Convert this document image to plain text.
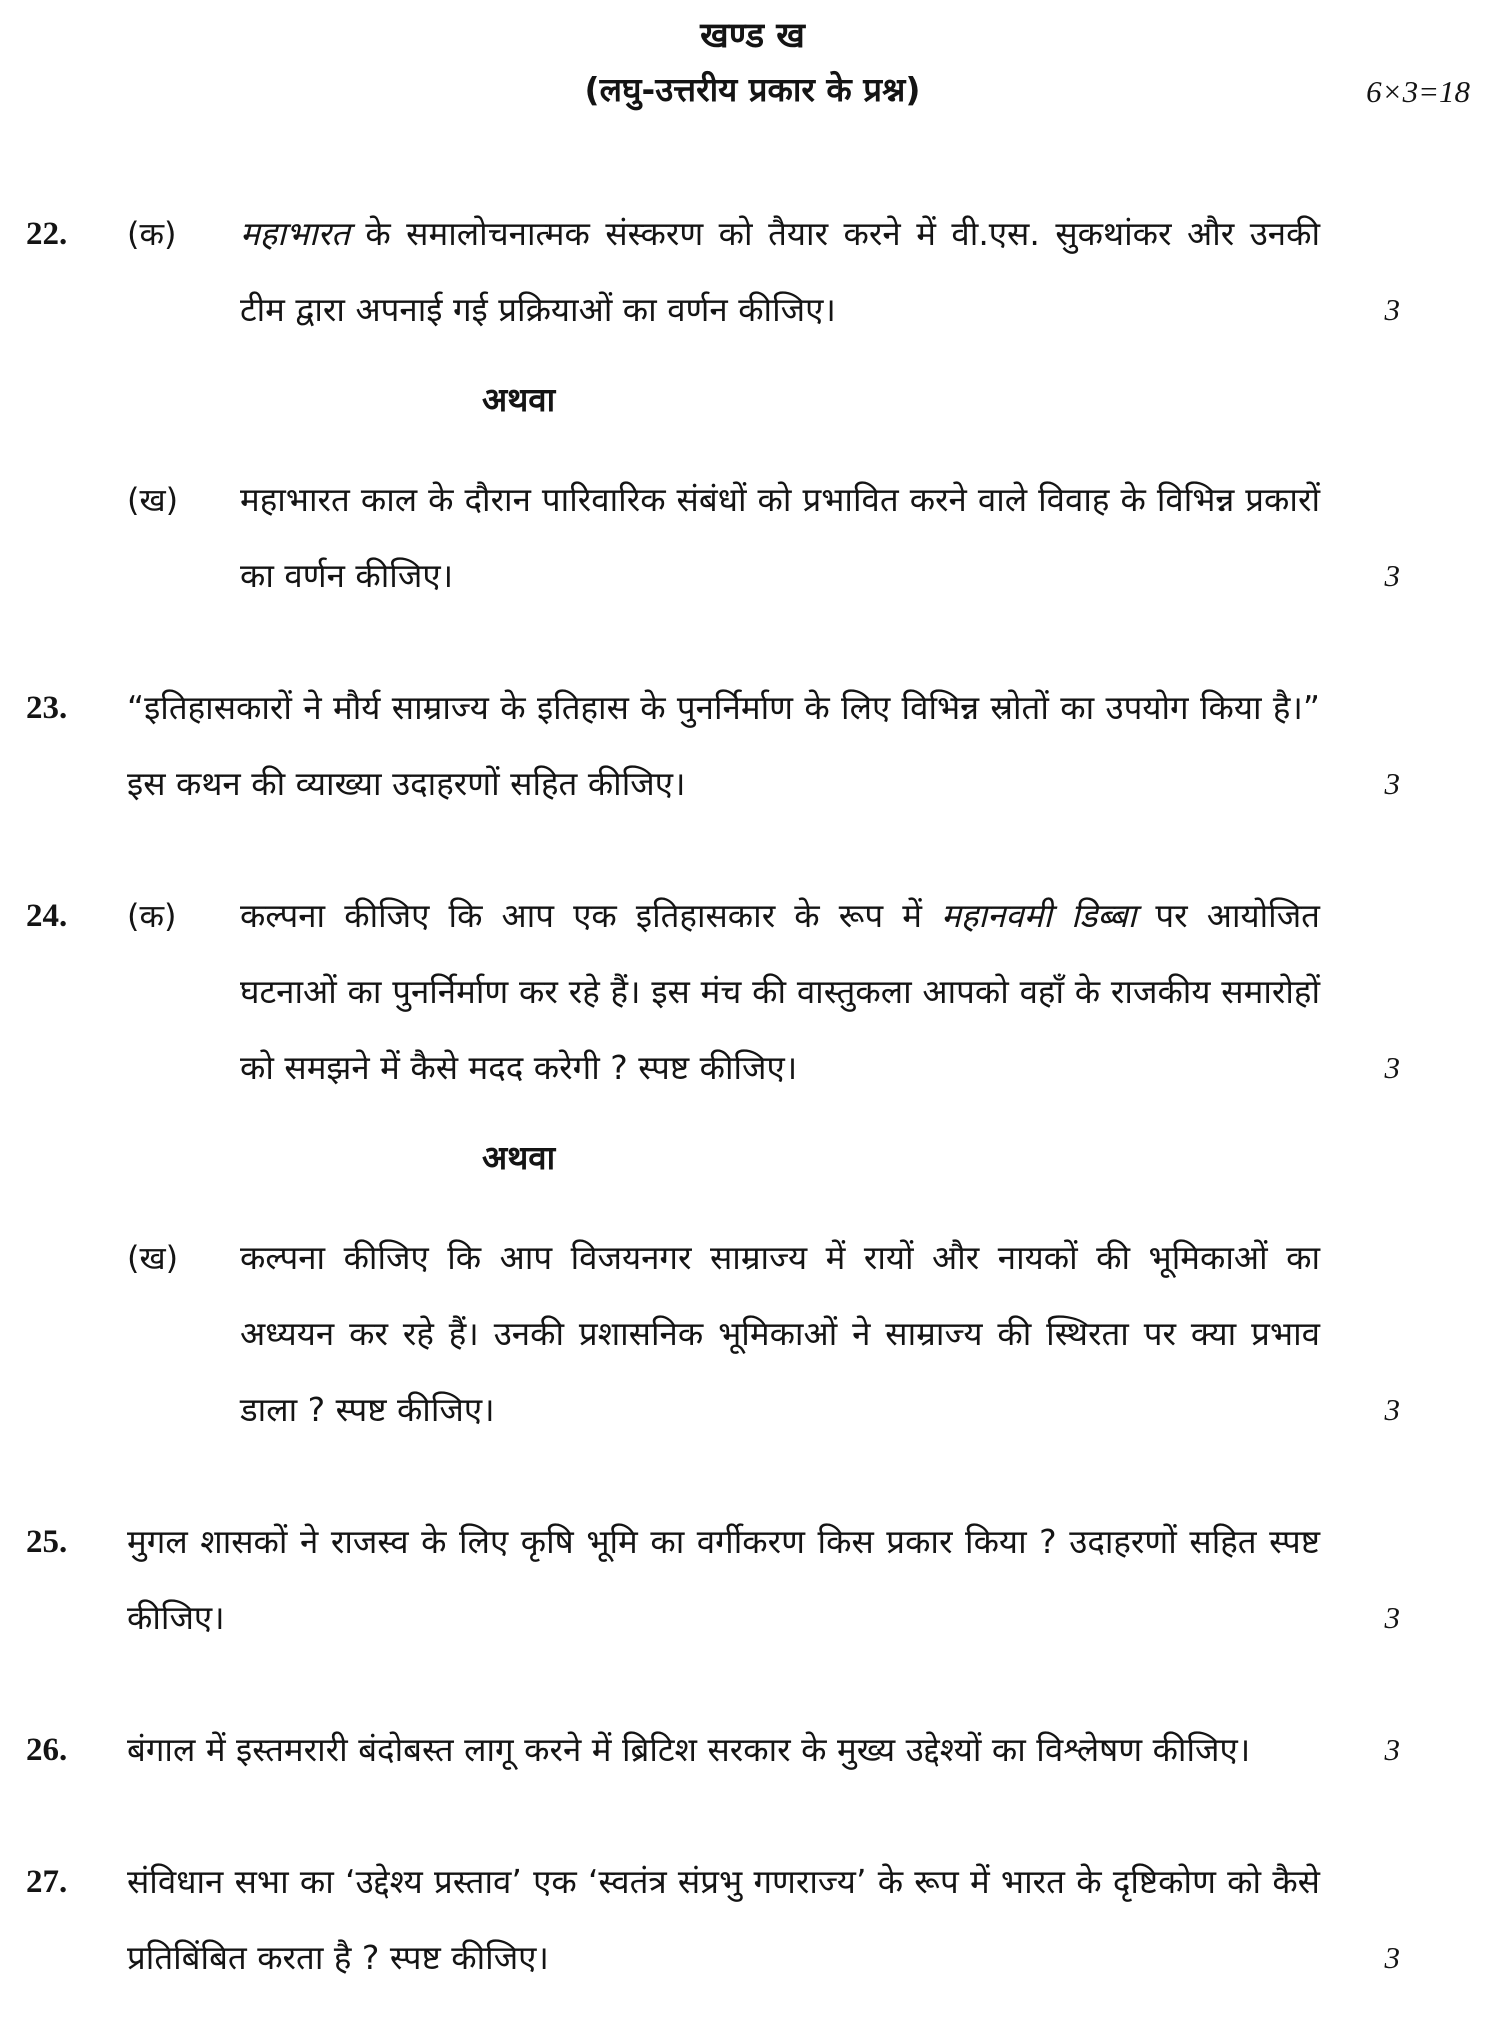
खण्ड ख
(लघु-उत्तरीय प्रकार के प्रश्न)	6×3=18
22.	(क)	महाभारत के समालोचनात्मक संस्करण को तैयार करने में वी.एस. सुकथांकर और उनकी टीम द्वारा अपनाई गई प्रक्रियाओं का वर्णन कीजिए।	3
अथवा
(ख)	महाभारत काल के दौरान पारिवारिक संबंधों को प्रभावित करने वाले विवाह के विभिन्न प्रकारों का वर्णन कीजिए।	3
23.	“इतिहासकारों ने मौर्य साम्राज्य के इतिहास के पुनर्निर्माण के लिए विभिन्न स्रोतों का उपयोग किया है।” इस कथन की व्याख्या उदाहरणों सहित कीजिए।	3
24.	(क)	कल्पना कीजिए कि आप एक इतिहासकार के रूप में महानवमी डिब्बा पर आयोजित घटनाओं का पुनर्निर्माण कर रहे हैं। इस मंच की वास्तुकला आपको वहाँ के राजकीय समारोहों को समझने में कैसे मदद करेगी ? स्पष्ट कीजिए।	3
अथवा
(ख)	कल्पना कीजिए कि आप विजयनगर साम्राज्य में रायों और नायकों की भूमिकाओं का अध्ययन कर रहे हैं। उनकी प्रशासनिक भूमिकाओं ने साम्राज्य की स्थिरता पर क्या प्रभाव डाला ? स्पष्ट कीजिए।	3
25.	मुगल शासकों ने राजस्व के लिए कृषि भूमि का वर्गीकरण किस प्रकार किया ? उदाहरणों सहित स्पष्ट कीजिए।	3
26.	बंगाल में इस्तमरारी बंदोबस्त लागू करने में ब्रिटिश सरकार के मुख्य उद्देश्यों का विश्लेषण कीजिए।	3
27.	संविधान सभा का ‘उद्देश्य प्रस्ताव’ एक ‘स्वतंत्र संप्रभु गणराज्य’ के रूप में भारत के दृष्टिकोण को कैसे प्रतिबिंबित करता है ? स्पष्ट कीजिए।	3
